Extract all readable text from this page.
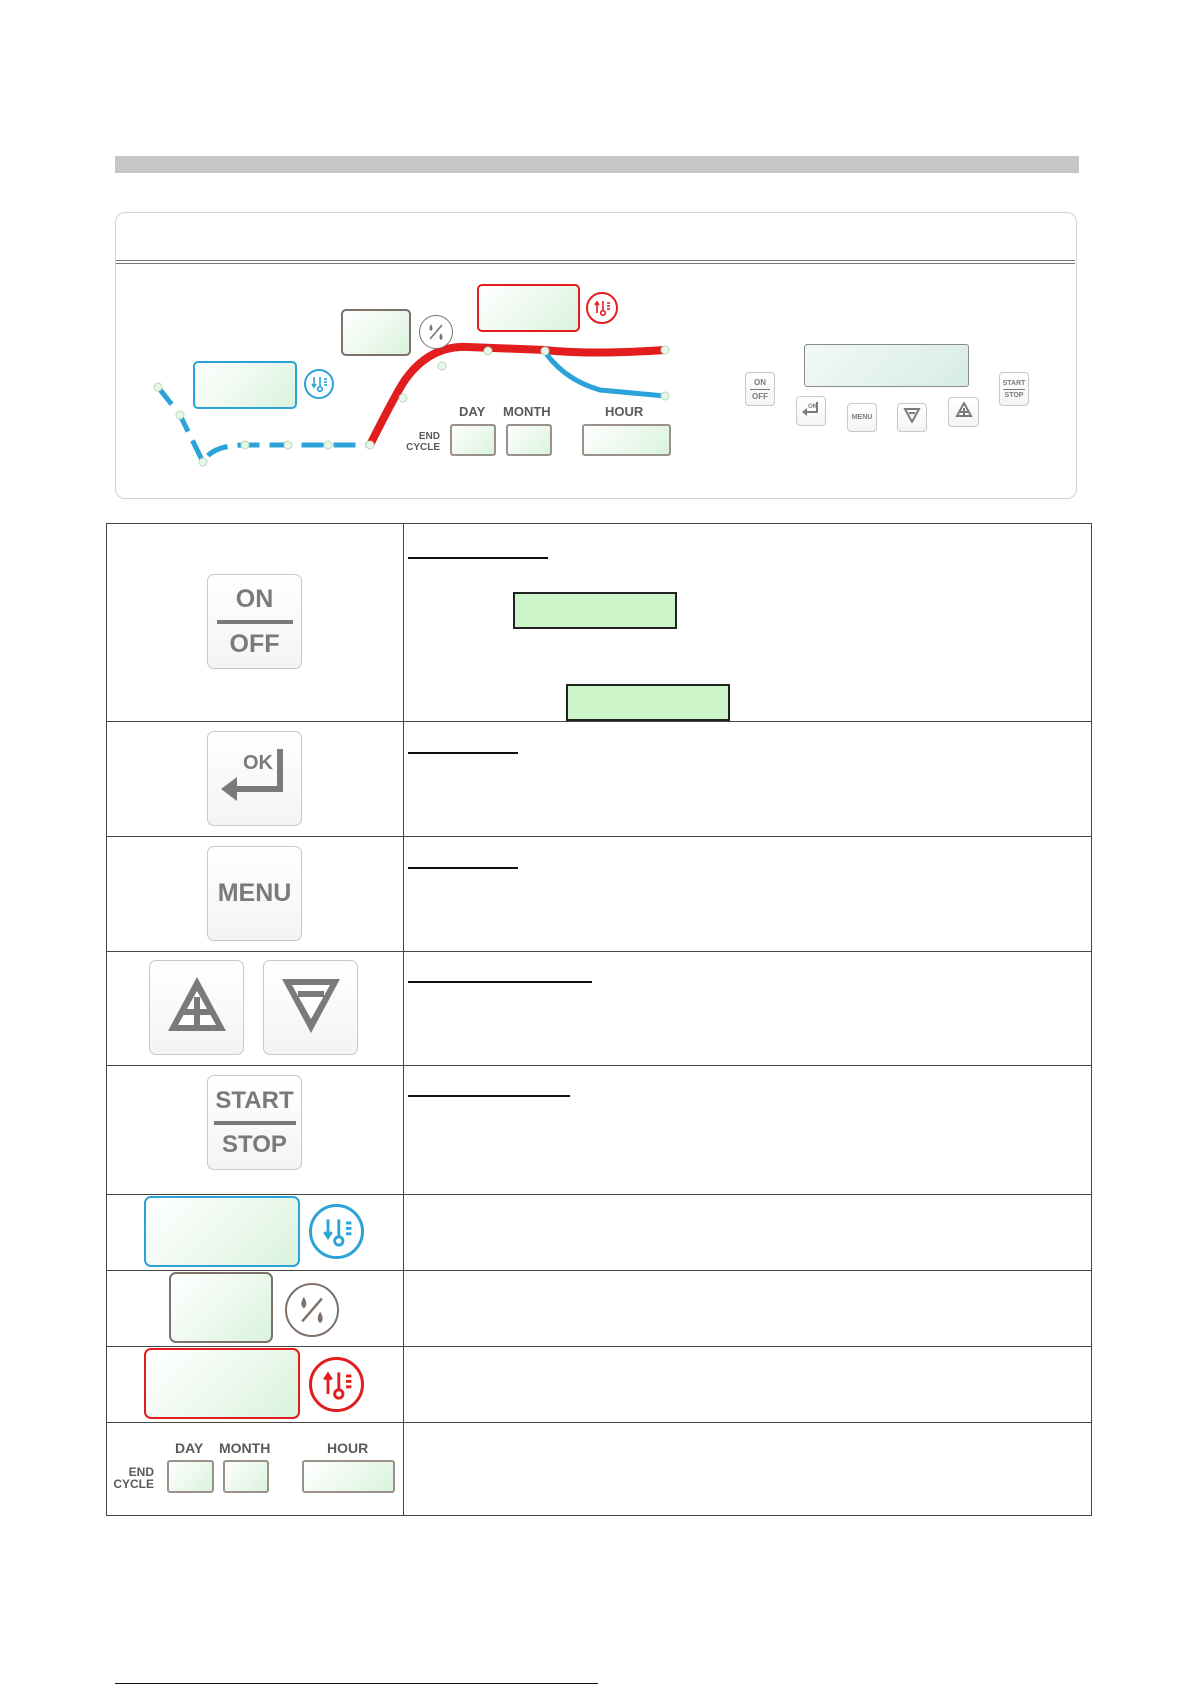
END
CYCLE
DAY MONTH	HOUR
ON
OFF
OK
MENU
START
STOP

ON
OFF
OK
MENU
START
STOP
END
CYCLE
DAY MONTH	HOUR
